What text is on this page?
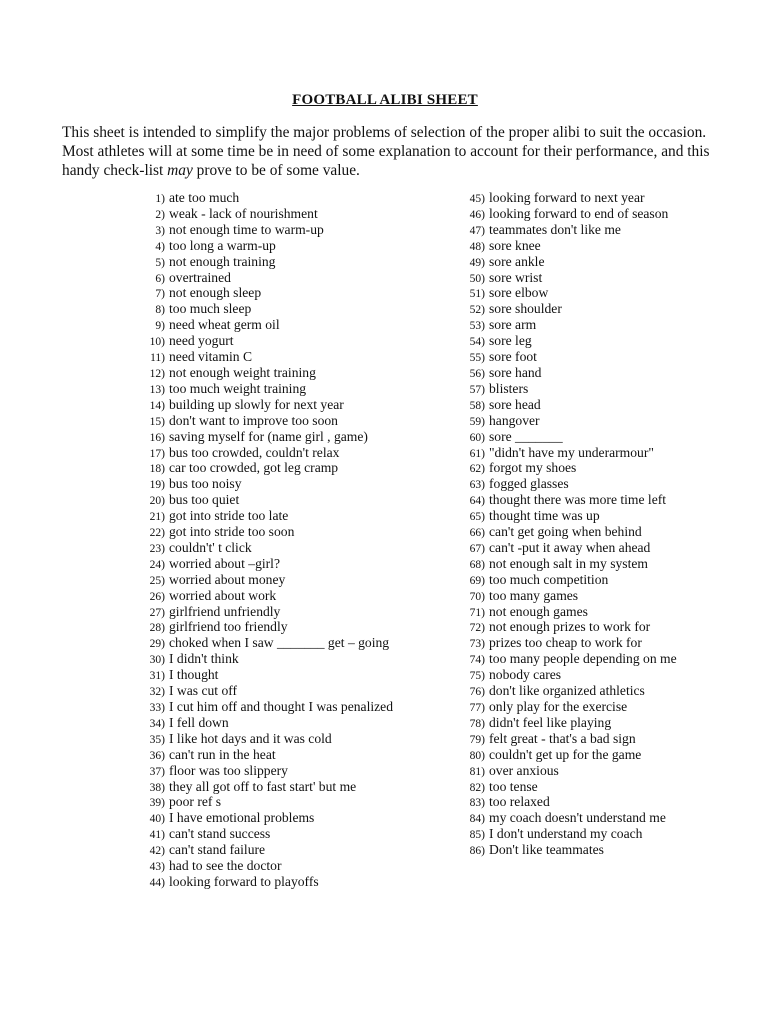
FOOTBALL ALIBI SHEET

This sheet is intended to simplify the major problems of selection of the proper alibi to suit the occasion. Most athletes will at some time be in need of some explanation to account for their performance, and this handy check-list may prove to be of some value.

1) ate too much
2) weak - lack of nourishment
3) not enough time to warm-up
4) too long a warm-up
5) not enough training
6) overtrained
7) not enough sleep
8) too much sleep
9) need wheat germ oil
10) need yogurt
11) need vitamin C
12) not enough weight training
13) too much weight training
14) building up slowly for next year
15) don't want to improve too soon
16) saving myself for (name girl , game)
17) bus too crowded, couldn't relax
18) car too crowded, got leg cramp
19) bus too noisy
20) bus too quiet
21) got into stride too late
22) got into stride too soon
23) couldn't' t click
24) worried about –girl?
25) worried about money
26) worried about work
27) girlfriend unfriendly
28) girlfriend too friendly
29) choked when I saw _______ get – going
30) I didn't think
31) I thought
32) I was cut off
33) I cut him off and thought I was penalized
34) I fell down
35) I like hot days and it was cold
36) can't run in the heat
37) floor was too slippery
38) they all got off to fast start' but me
39) poor ref s
40) I have emotional problems
41) can't stand success
42) can't stand failure
43) had to see the doctor
44) looking forward to playoffs
45) looking forward to next year
46) looking forward to end of season
47) teammates don't like me
48) sore knee
49) sore ankle
50) sore wrist
51) sore elbow
52) sore shoulder
53) sore arm
54) sore leg
55) sore foot
56) sore hand
57) blisters
58) sore head
59) hangover
60) sore _______
61) "didn't have my underarmour"
62) forgot my shoes
63) fogged glasses
64) thought there was more time left
65) thought time was up
66) can't get going when behind
67) can't -put it away when ahead
68) not enough salt in my system
69) too much competition
70) too many games
71) not enough games
72) not enough prizes to work for
73) prizes too cheap to work for
74) too many people depending on me
75) nobody cares
76) don't like organized athletics
77) only play for the exercise
78) didn't feel like playing
79) felt great - that's a bad sign
80) couldn't get up for the game
81) over anxious
82) too tense
83) too relaxed
84) my coach doesn't understand me
85) I don't understand my coach
86) Don't like teammates
